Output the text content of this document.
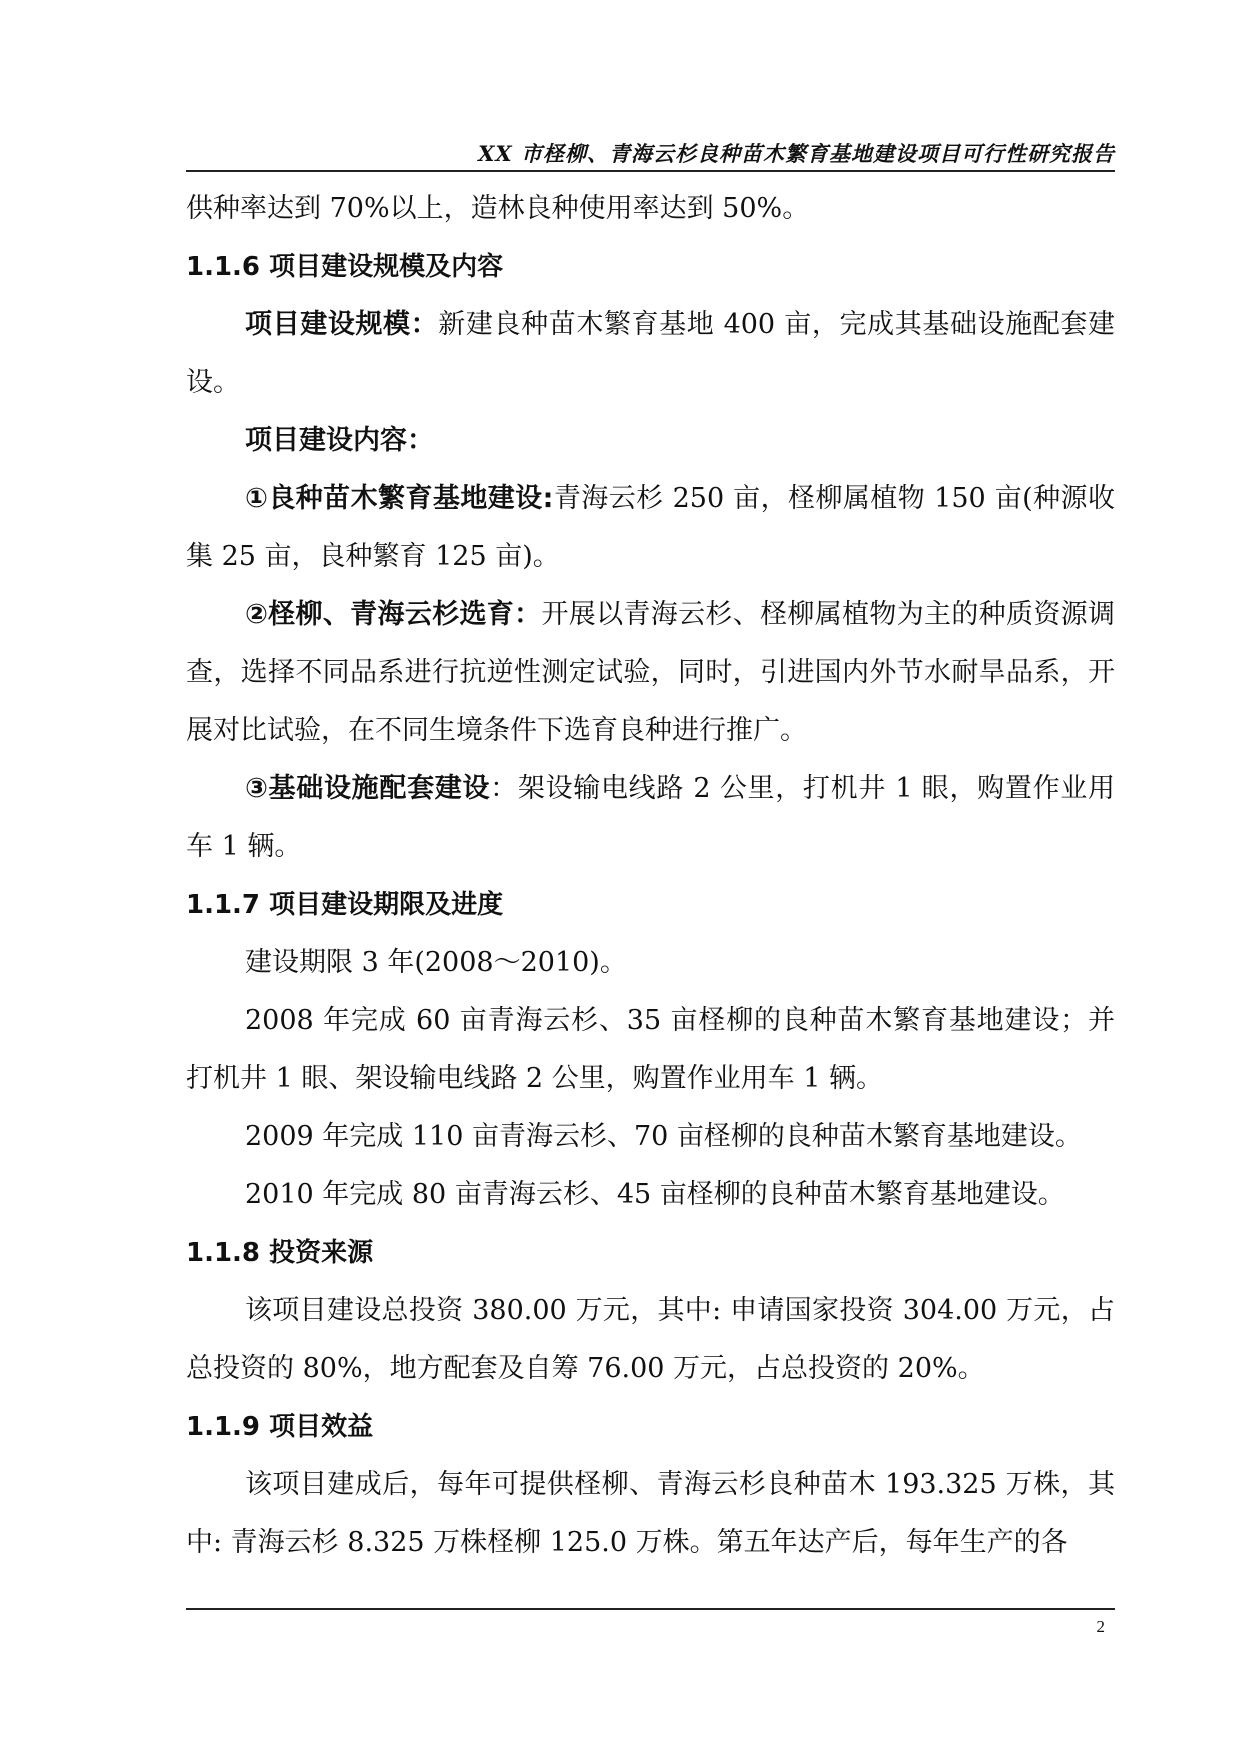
XX 市柽柳、青海云杉良种苗木繁育基地建设项目可行性研究报告

供种率达到 70%以上，造林良种使用率达到 50%。

1.1.6 项目建设规模及内容

项目建设规模：新建良种苗木繁育基地 400 亩，完成其基础设施配套建设。

项目建设内容：

①良种苗木繁育基地建设:青海云杉 250 亩，柽柳属植物 150 亩(种源收集 25 亩，良种繁育 125 亩)。

②柽柳、青海云杉选育：开展以青海云杉、柽柳属植物为主的种质资源调查，选择不同品系进行抗逆性测定试验，同时，引进国内外节水耐旱品系，开展对比试验，在不同生境条件下选育良种进行推广。

③基础设施配套建设：架设输电线路 2 公里，打机井 1 眼，购置作业用车 1 辆。

1.1.7 项目建设期限及进度

建设期限 3 年(2008～2010)。

2008 年完成 60 亩青海云杉、35 亩柽柳的良种苗木繁育基地建设；并打机井 1 眼、架设输电线路 2 公里，购置作业用车 1 辆。

2009 年完成 110 亩青海云杉、70 亩柽柳的良种苗木繁育基地建设。

2010 年完成 80 亩青海云杉、45 亩柽柳的良种苗木繁育基地建设。

1.1.8 投资来源

该项目建设总投资 380.00 万元，其中: 申请国家投资 304.00 万元，占总投资的 80%，地方配套及自筹 76.00 万元，占总投资的 20%。

1.1.9 项目效益

该项目建成后，每年可提供柽柳、青海云杉良种苗木 193.325 万株，其中: 青海云杉 8.325 万株柽柳 125.0 万株。第五年达产后，每年生产的各

2
